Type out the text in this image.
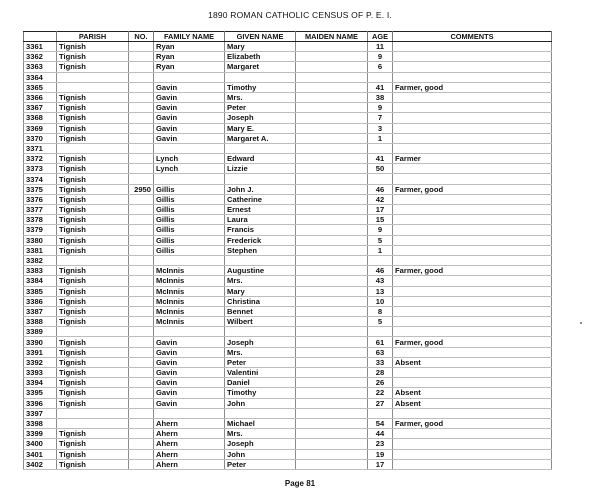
1890 ROMAN CATHOLIC CENSUS OF P. E. I.
	PARISH	NO.	FAMILY NAME	GIVEN NAME	MAIDEN NAME	AGE	COMMENTS
3361	Tignish		Ryan	Mary		11	
3362	Tignish		Ryan	Elizabeth		9	
3363	Tignish		Ryan	Margaret		6	
3364							
3365			Gavin	Timothy		41	Farmer, good
3366	Tignish		Gavin	Mrs.		38	
3367	Tignish		Gavin	Peter		9	
3368	Tignish		Gavin	Joseph		7	
3369	Tignish		Gavin	Mary E.		3	
3370	Tignish		Gavin	Margaret A.		1	
3371							
3372	Tignish		Lynch	Edward		41	Farmer
3373	Tignish		Lynch	Lizzie		50	
3374	Tignish						
3375	Tignish	2950	Gillis	John J.		46	Farmer, good
3376	Tignish		Gillis	Catherine		42	
3377	Tignish		Gillis	Ernest		17	
3378	Tignish		Gillis	Laura		15	
3379	Tignish		Gillis	Francis		9	
3380	Tignish		Gillis	Frederick		5	
3381	Tignish		Gillis	Stephen		1	
3382							
3383	Tignish		McInnis	Augustine		46	Farmer, good
3384	Tignish		McInnis	Mrs.		43	
3385	Tignish		McInnis	Mary		13	
3386	Tignish		McInnis	Christina		10	
3387	Tignish		McInnis	Bennet		8	
3388	Tignish		McInnis	Wilbert		5	
3389							
3390	Tignish		Gavin	Joseph		61	Farmer, good
3391	Tignish		Gavin	Mrs.		63	
3392	Tignish		Gavin	Peter		33	Absent
3393	Tignish		Gavin	Valentini		28	
3394	Tignish		Gavin	Daniel		26	
3395	Tignish		Gavin	Timothy		22	Absent
3396	Tignish		Gavin	John		27	Absent
3397							
3398			Ahern	Michael		54	Farmer, good
3399	Tignish		Ahern	Mrs.		44	
3400	Tignish		Ahern	Joseph		23	
3401	Tignish		Ahern	John		19	
3402	Tignish		Ahern	Peter		17	
Page 81
